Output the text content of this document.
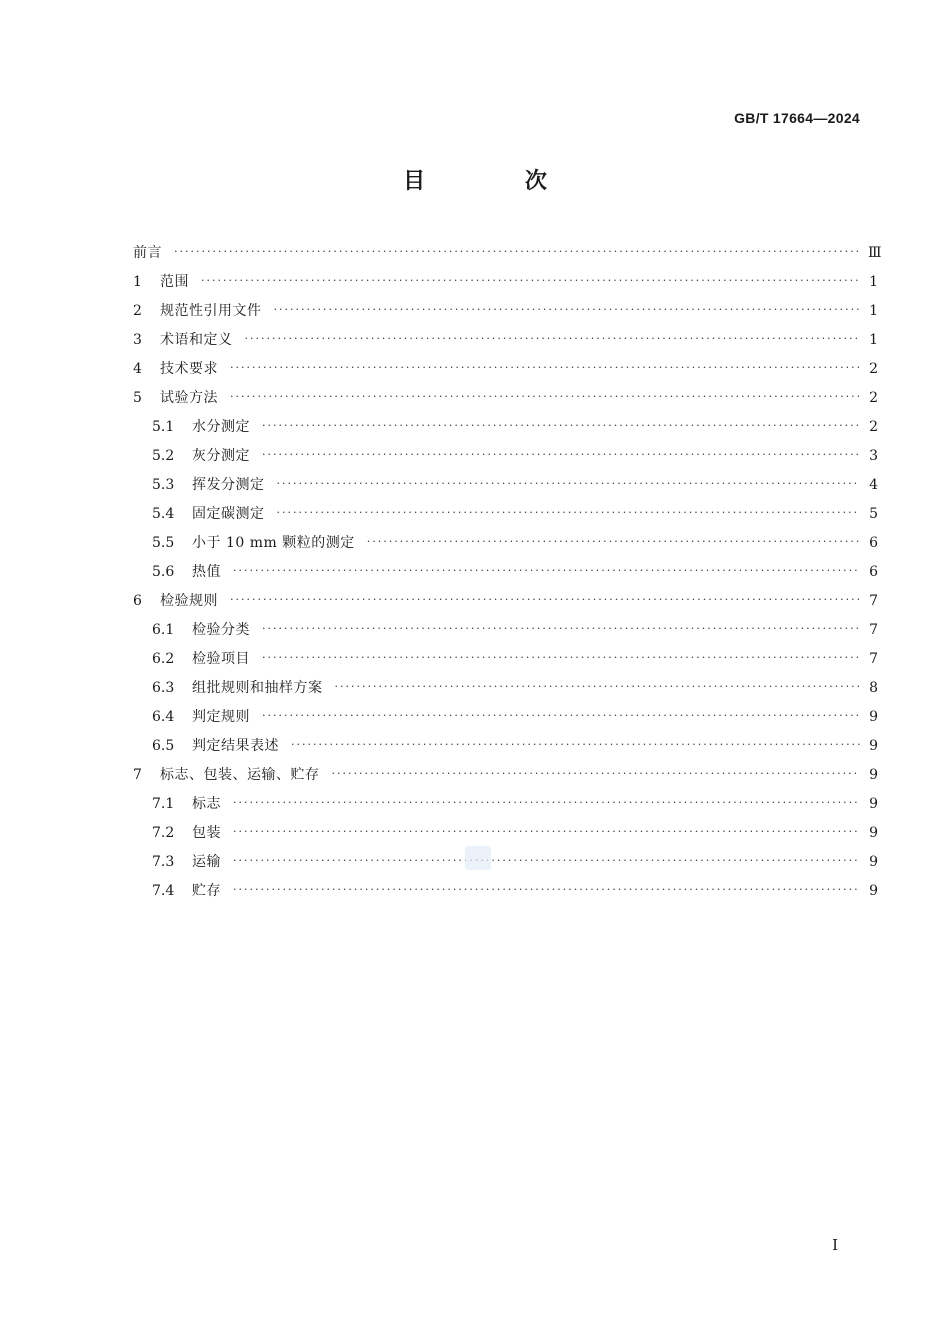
GB/T 17664—2024
目 次
前言 ·····	Ⅲ
1	范围 ·····	1
2	规范性引用文件 ·····	1
3	术语和定义 ·····	1
4	技术要求 ·····	2
5	试验方法 ·····	2
5.1	水分测定 ·····	2
5.2	灰分测定 ·····	3
5.3	挥发分测定 ·····	4
5.4	固定碳测定 ·····	5
5.5	小于 10 mm 颗粒的测定 ·····	6
5.6	热值 ·····	6
6	检验规则 ·····	7
6.1	检验分类 ·····	7
6.2	检验项目 ·····	7
6.3	组批规则和抽样方案 ·····	8
6.4	判定规则 ·····	9
6.5	判定结果表述 ·····	9
7	标志、包装、运输、贮存 ·····	9
7.1	标志 ·····	9
7.2	包装 ·····	9
7.3	运输 ·····	9
7.4	贮存 ·····	9
Ⅰ
